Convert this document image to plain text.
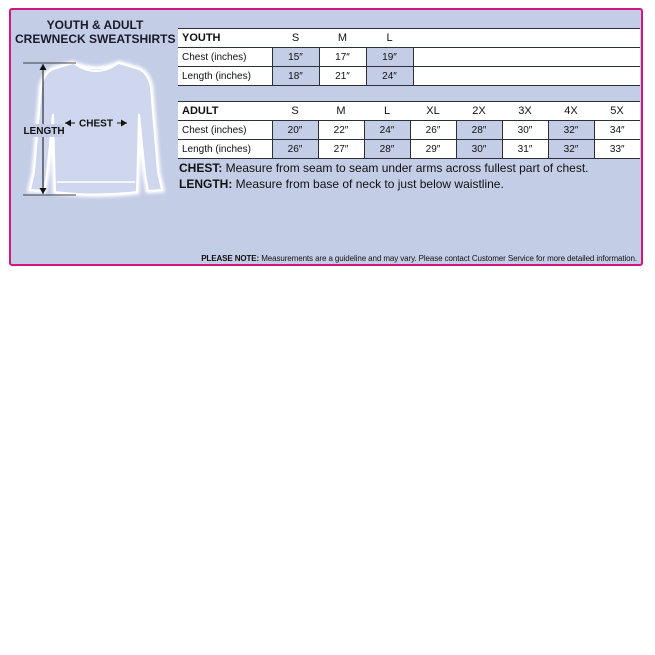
YOUTH & ADULT
CREWNECK SWEATSHIRTS
LENGTH
CHEST
YOUTH	S	M	L	
Chest (inches)	15″	17″	19″	
Length (inches)	18″	21″	24″	
ADULT	S	M	L	XL	2X	3X	4X	5X
Chest (inches)	20″	22″	24″	26″	28″	30″	32″	34″
Length (inches)	26″	27″	28″	29″	30″	31″	32″	33″
CHEST: Measure from seam to seam under arms across fullest part of chest.
LENGTH: Measure from base of neck to just below waistline.
PLEASE NOTE: Measurements are a guideline and may vary. Please contact Customer Service for more detailed information.
